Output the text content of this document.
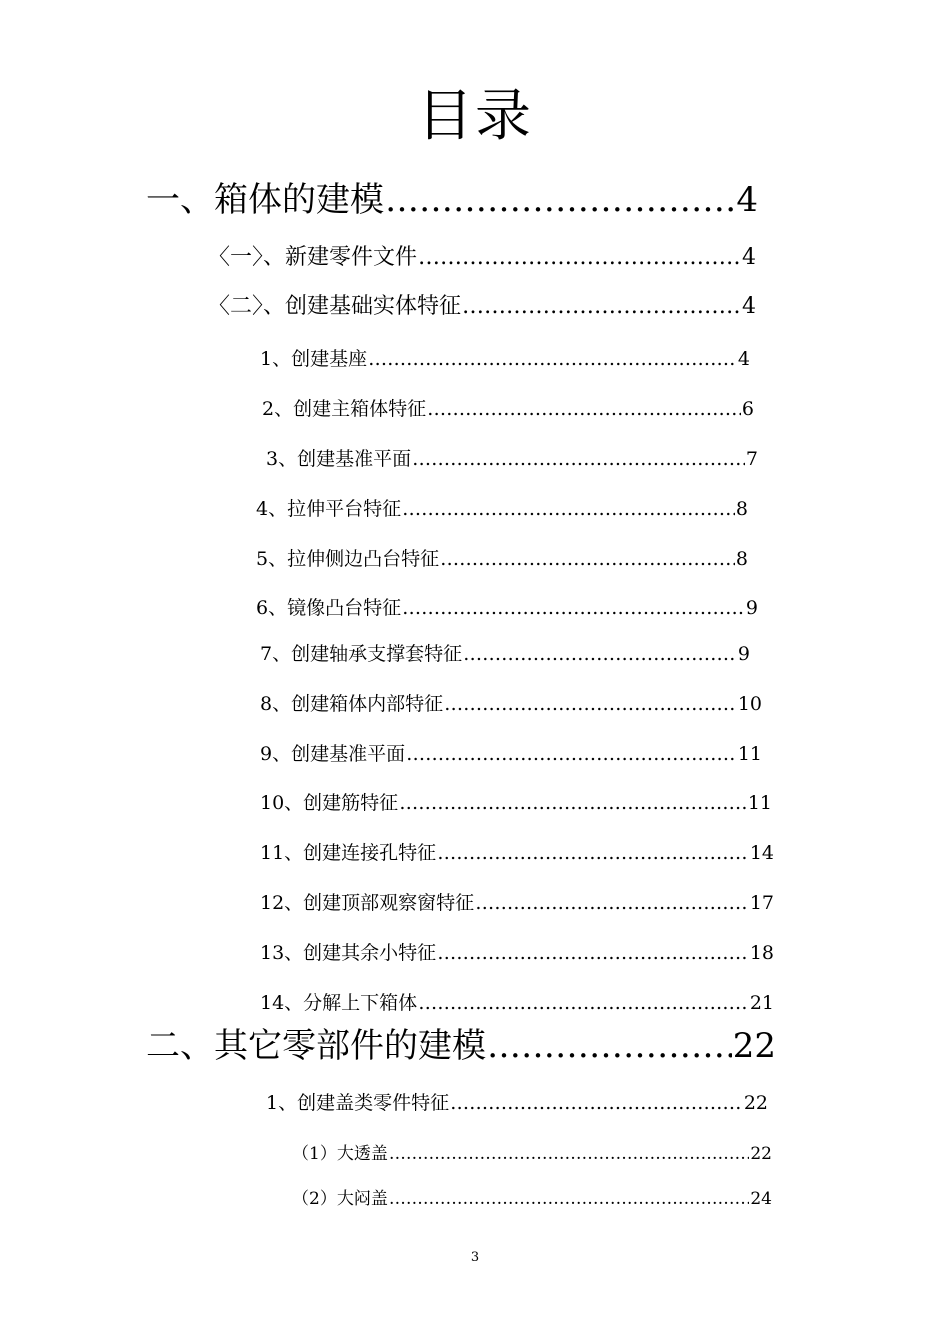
目录
一、箱体的建模 ………………………………………………………………………………………………………………………………………………………………………………………………………	4
〈一〉、新建零件文件 ………………………………………………………………………………………………………………………………………………………………………………………………………	4
〈二〉、创建基础实体特征 ………………………………………………………………………………………………………………………………………………………………………………………………………	4
1、创建基座 ………………………………………………………………………………………………………………………………………………………………………………………………………	4
2、创建主箱体特征 ………………………………………………………………………………………………………………………………………………………………………………………………………	6
3、创建基准平面 ………………………………………………………………………………………………………………………………………………………………………………………………………	7
4、拉伸平台特征 ………………………………………………………………………………………………………………………………………………………………………………………………………	8
5、拉伸侧边凸台特征 ………………………………………………………………………………………………………………………………………………………………………………………………………	8
6、镜像凸台特征 ………………………………………………………………………………………………………………………………………………………………………………………………………	9
7、创建轴承支撑套特征 ………………………………………………………………………………………………………………………………………………………………………………………………………	9
8、创建箱体内部特征 ………………………………………………………………………………………………………………………………………………………………………………………………………	10
9、创建基准平面 ………………………………………………………………………………………………………………………………………………………………………………………………………	11
10、创建筋特征 ………………………………………………………………………………………………………………………………………………………………………………………………………	11
11、创建连接孔特征 ………………………………………………………………………………………………………………………………………………………………………………………………………	14
12、创建顶部观察窗特征 ………………………………………………………………………………………………………………………………………………………………………………………………………	17
13、创建其余小特征 ………………………………………………………………………………………………………………………………………………………………………………………………………	18
14、分解上下箱体 ………………………………………………………………………………………………………………………………………………………………………………………………………	21
二、其它零部件的建模 ………………………………………………………………………………………………………………………………………………………………………………………………………	22
1、创建盖类零件特征 ………………………………………………………………………………………………………………………………………………………………………………………………………	22
（1）大透盖 ………………………………………………………………………………………………………………………………………………………………………………………………………	22
（2）大闷盖 ………………………………………………………………………………………………………………………………………………………………………………………………………	24
3
